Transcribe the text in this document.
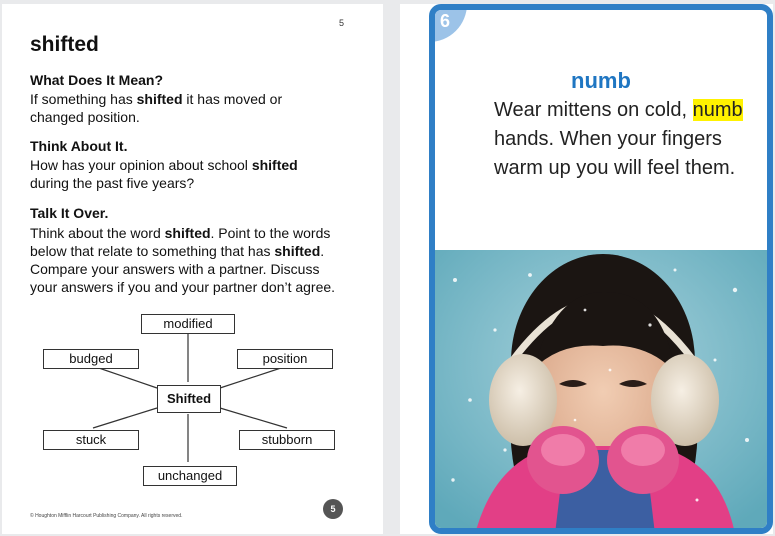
5
shifted
What Does It Mean?

If something has shifted it has moved or changed position.

Think About It.

How has your opinion about school shifted during the past five years?

Talk It Over.

Think about the word shifted. Point to the words below that relate to something that has shifted. Compare your answers with a partner. Discuss your answers if you and your partner don’t agree.

modified
budged	position
Shifted
stuck	stubborn
unchanged
© Houghton Mifflin Harcourt Publishing Company. All rights reserved.
5
6
numb
Wear mittens on cold, numb hands. When your fingers warm up you will feel them.
